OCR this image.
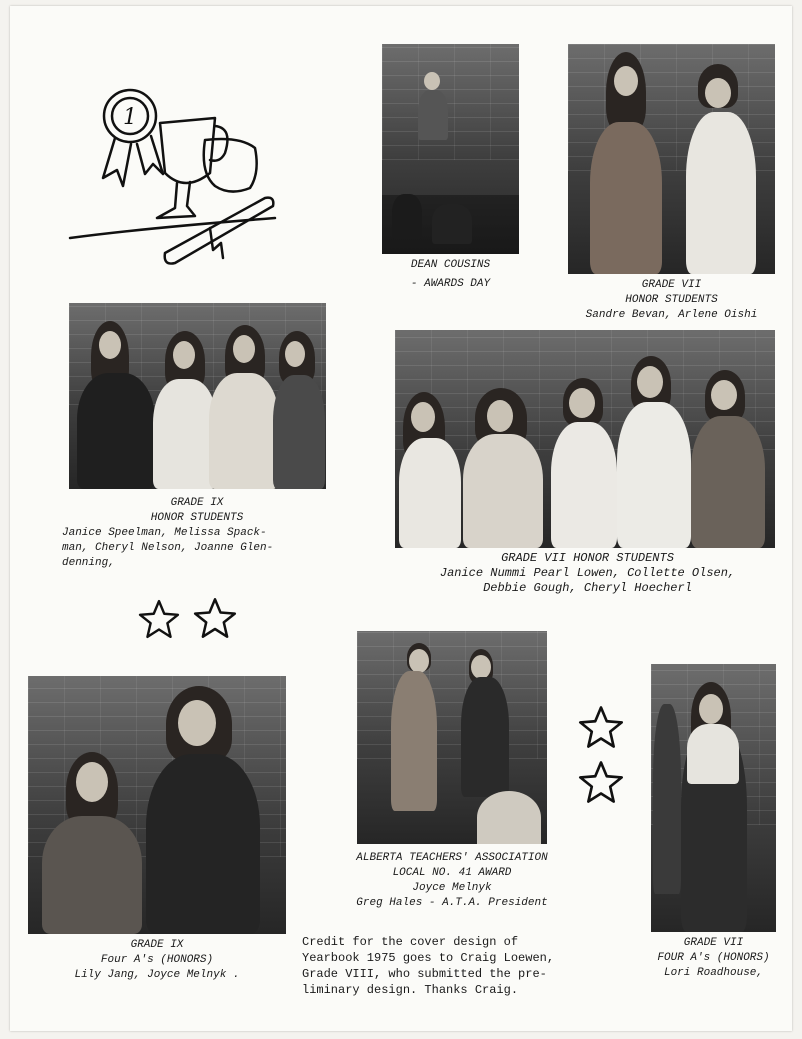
1
DEAN COUSINS
- AWARDS DAY	GRADE VII
HONOR STUDENTS
Sandre Bevan, Arlene Oishi
GRADE IX
HONOR STUDENTS
Janice Speelman, Melissa Spack-
man, Cheryl Nelson, Joanne Glen-
denning,	GRADE VII HONOR STUDENTS
Janice Nummi Pearl Lowen, Collette Olsen,
Debbie Gough, Cheryl Hoecherl
ALBERTA TEACHERS' ASSOCIATION
LOCAL NO. 41 AWARD
Joyce Melnyk
Greg Hales - A.T.A. President
GRADE IX
Four A's (HONORS)
Lily Jang, Joyce Melnyk .
Credit for the cover design of
Yearbook 1975 goes to Craig Loewen,
Grade VIII, who submitted the pre-
liminary design. Thanks Craig.
GRADE VII
FOUR A's (HONORS)
Lori Roadhouse,
